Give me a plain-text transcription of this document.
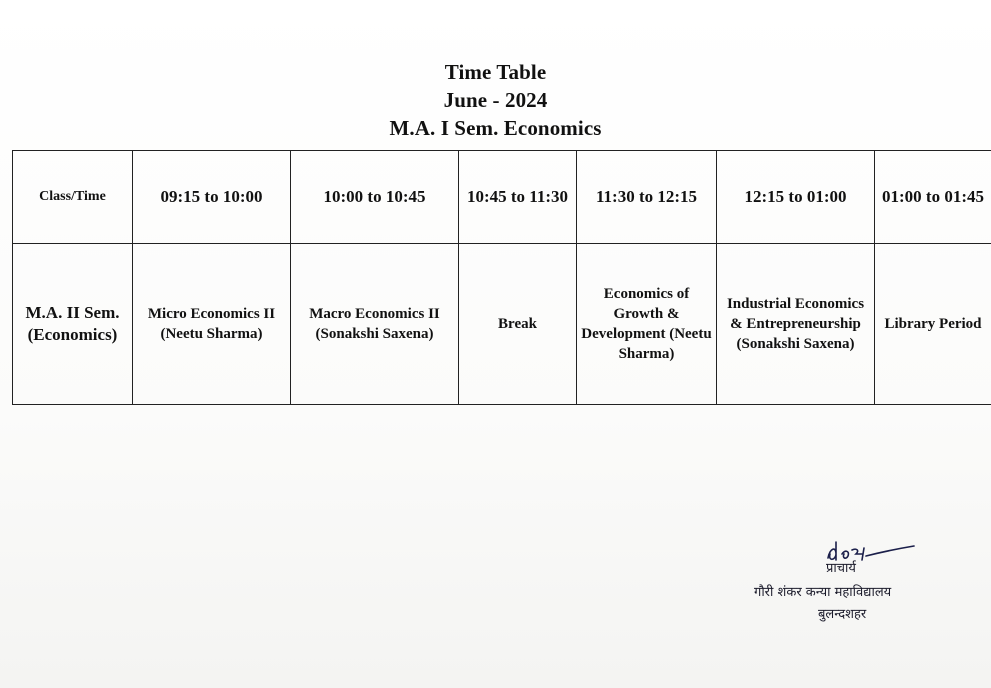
Time Table
June - 2024
M.A. I Sem. Economics
Class/Time	09:15 to 10:00	10:00 to 10:45	10:45 to 11:30	11:30 to 12:15	12:15 to 01:00	01:00 to 01:45
M.A. II Sem. (Economics)	Micro Economics II (Neetu Sharma)	Macro Economics II (Sonakshi Saxena)	Break	Economics of Growth & Development (Neetu Sharma)	Industrial Economics & Entrepreneurship (Sonakshi Saxena)	Library Period
प्राचार्य
गौरी शंकर कन्या महाविद्यालय
बुलन्दशहर
